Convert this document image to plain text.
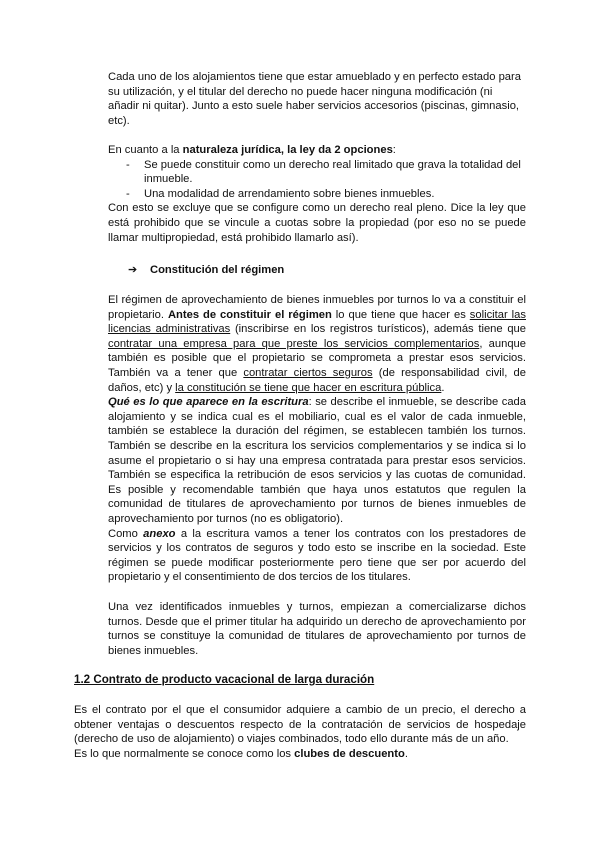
Cada uno de los alojamientos tiene que estar amueblado y en perfecto estado para su utilización, y el titular del derecho no puede hacer ninguna modificación (ni añadir ni quitar). Junto a esto suele haber servicios accesorios (piscinas, gimnasio, etc).

En cuanto a la naturaleza jurídica, la ley da 2 opciones:

- Se puede constituir como un derecho real limitado que grava la totalidad del inmueble.
- Una modalidad de arrendamiento sobre bienes inmuebles.

Con esto se excluye que se configure como un derecho real pleno. Dice la ley que está prohibido que se vincule a cuotas sobre la propiedad (por eso no se puede llamar multipropiedad, está prohibido llamarlo así).

➔ Constitución del régimen

El régimen de aprovechamiento de bienes inmuebles por turnos lo va a constituir el propietario. Antes de constituir el régimen lo que tiene que hacer es solicitar las licencias administrativas (inscribirse en los registros turísticos), además tiene que contratar una empresa para que preste los servicios complementarios, aunque también es posible que el propietario se comprometa a prestar esos servicios. También va a tener que contratar ciertos seguros (de responsabilidad civil, de daños, etc) y la constitución se tiene que hacer en escritura pública.

Qué es lo que aparece en la escritura: se describe el inmueble, se describe cada alojamiento y se indica cual es el mobiliario, cual es el valor de cada inmueble, también se establece la duración del régimen, se establecen también los turnos. También se describe en la escritura los servicios complementarios y se indica si lo asume el propietario o si hay una empresa contratada para prestar esos servicios. También se especifica la retribución de esos servicios y las cuotas de comunidad. Es posible y recomendable también que haya unos estatutos que regulen la comunidad de titulares de aprovechamiento por turnos de bienes inmuebles de aprovechamiento por turnos (no es obligatorio).

Como anexo a la escritura vamos a tener los contratos con los prestadores de servicios y los contratos de seguros y todo esto se inscribe en la sociedad. Este régimen se puede modificar posteriormente pero tiene que ser por acuerdo del propietario y el consentimiento de dos tercios de los titulares.

Una vez identificados inmuebles y turnos, empiezan a comercializarse dichos turnos. Desde que el primer titular ha adquirido un derecho de aprovechamiento por turnos se constituye la comunidad de titulares de aprovechamiento por turnos de bienes inmuebles.

1.2 Contrato de producto vacacional de larga duración

Es el contrato por el que el consumidor adquiere a cambio de un precio, el derecho a obtener ventajas o descuentos respecto de la contratación de servicios de hospedaje (derecho de uso de alojamiento) o viajes combinados, todo ello durante más de un año.

Es lo que normalmente se conoce como los clubes de descuento.
